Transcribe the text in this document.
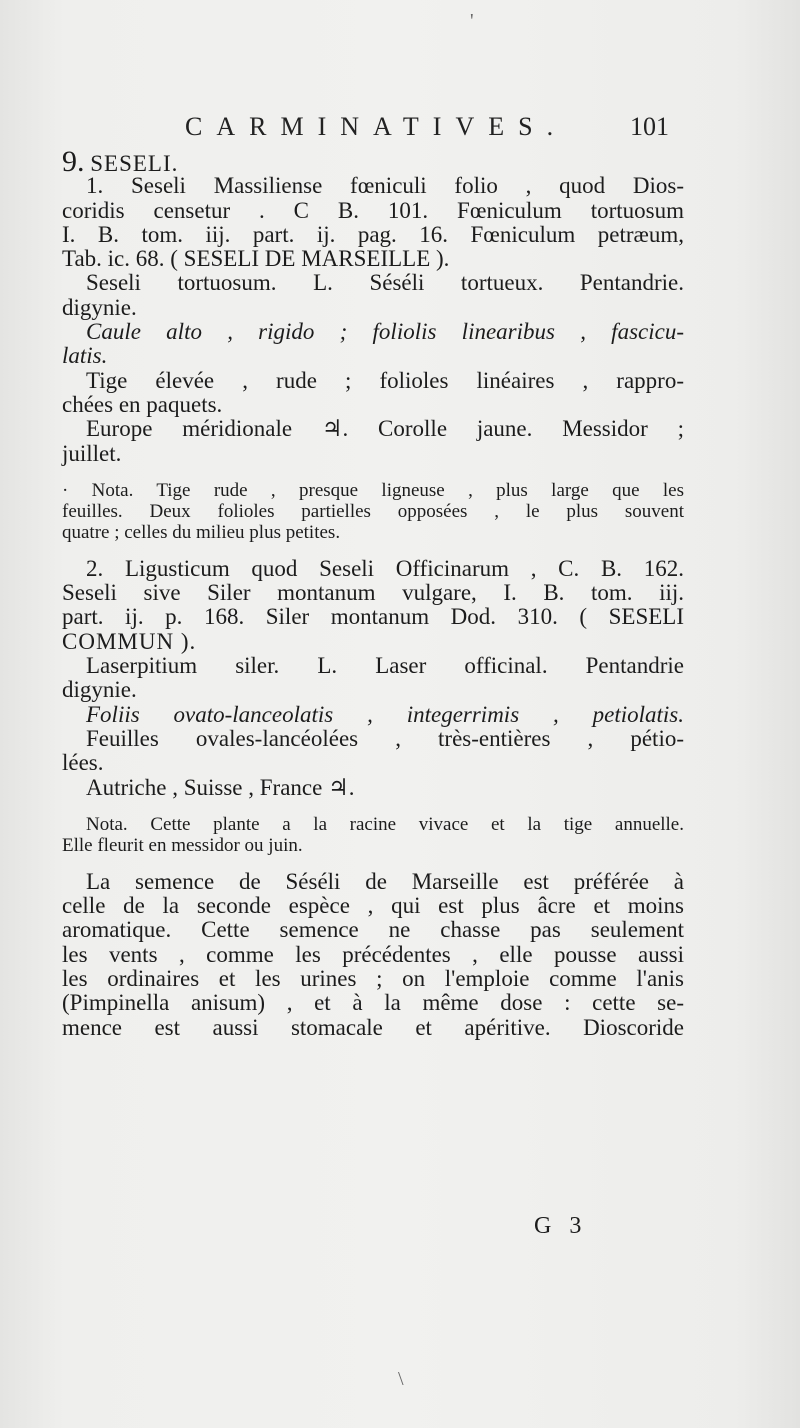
CARMINATIVES. 101
9. SESELI.
1. Seseli Massiliense fœniculi folio , quod Dios-
coridis censetur . C B. 101. Fœniculum tortuosum
I. B. tom. iij. part. ij. pag. 16. Fœniculum petræum,
Tab. ic. 68. ( SESELI DE MARSEILLE ).
Seseli tortuosum. L. Séséli tortueux. Pentandrie.
digynie.
Caule alto , rigido ; foliolis linearibus , fascicu-
latis.
Tige élevée , rude ; folioles linéaires , rappro-
chées en paquets.
Europe méridionale ♃. Corolle jaune. Messidor ;
juillet.
· Nota. Tige rude , presque ligneuse , plus large que les
feuilles. Deux folioles partielles opposées , le plus souvent
quatre ; celles du milieu plus petites.
2. Ligusticum quod Seseli Officinarum , C. B. 162.
Seseli sive Siler montanum vulgare, I. B. tom. iij.
part. ij. p. 168. Siler montanum Dod. 310. ( SESELI
COMMUN ).
Laserpitium siler. L. Laser officinal. Pentandrie
digynie.
Foliis ovato-lanceolatis , integerrimis , petiolatis.
Feuilles ovales-lancéolées , très-entières , pétio-
lées.
Autriche , Suisse , France ♃.
Nota. Cette plante a la racine vivace et la tige annuelle.
Elle fleurit en messidor ou juin.
La semence de Séséli de Marseille est préférée à
celle de la seconde espèce , qui est plus âcre et moins
aromatique. Cette semence ne chasse pas seulement
les vents , comme les précédentes , elle pousse aussi
les ordinaires et les urines ; on l'emploie comme l'anis
(Pimpinella anisum) , et à la même dose : cette se-
mence est aussi stomacale et apéritive. Dioscoride
G 3
\
'
